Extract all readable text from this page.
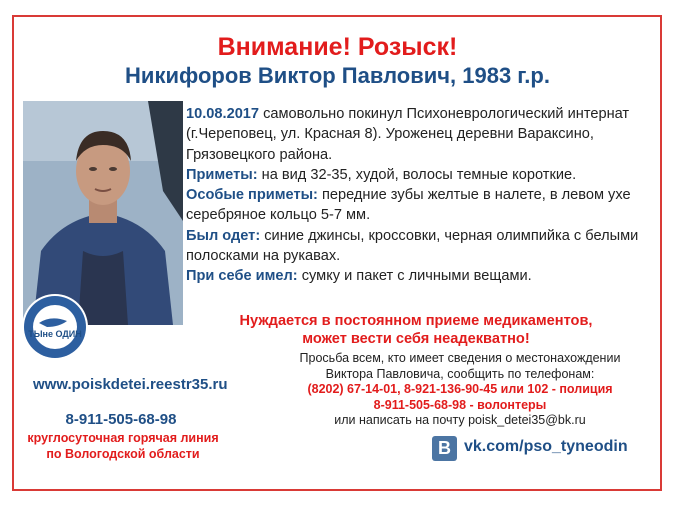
Внимание! Розыск!
Никифоров Виктор Павлович, 1983 г.р.
ТЫне ОДИН

10.08.2017 самовольно покинул Психоневрологический интернат (г.Череповец, ул. Красная 8). Уроженец деревни Вараксино, Грязовецкого района.

Приметы: на вид 32-35, худой, волосы темные короткие.

Особые приметы: передние зубы желтые в налете, в левом ухе серебряное кольцо 5-7 мм.

Был одет: синие джинсы, кроссовки, черная олимпийка с белыми полосками на рукавах.

При себе имел: сумку и пакет с личными вещами.

Нуждается в постоянном приеме медикаментов,
может вести себя неадекватно!
Просьба всем, кто имеет сведения о местонахождении
Виктора Павловича, сообщить по телефонам:
(8202) 67-14-01, 8-921-136-90-45 или 102 - полиция
8-911-505-68-98 - волонтеры
или написать на почту poisk_detei35@bk.ru
www.poiskdetei.reestr35.ru
8-911-505-68-98
круглосуточная горячая линия
по Вологодской области	B vk.com/pso_tyneodin
